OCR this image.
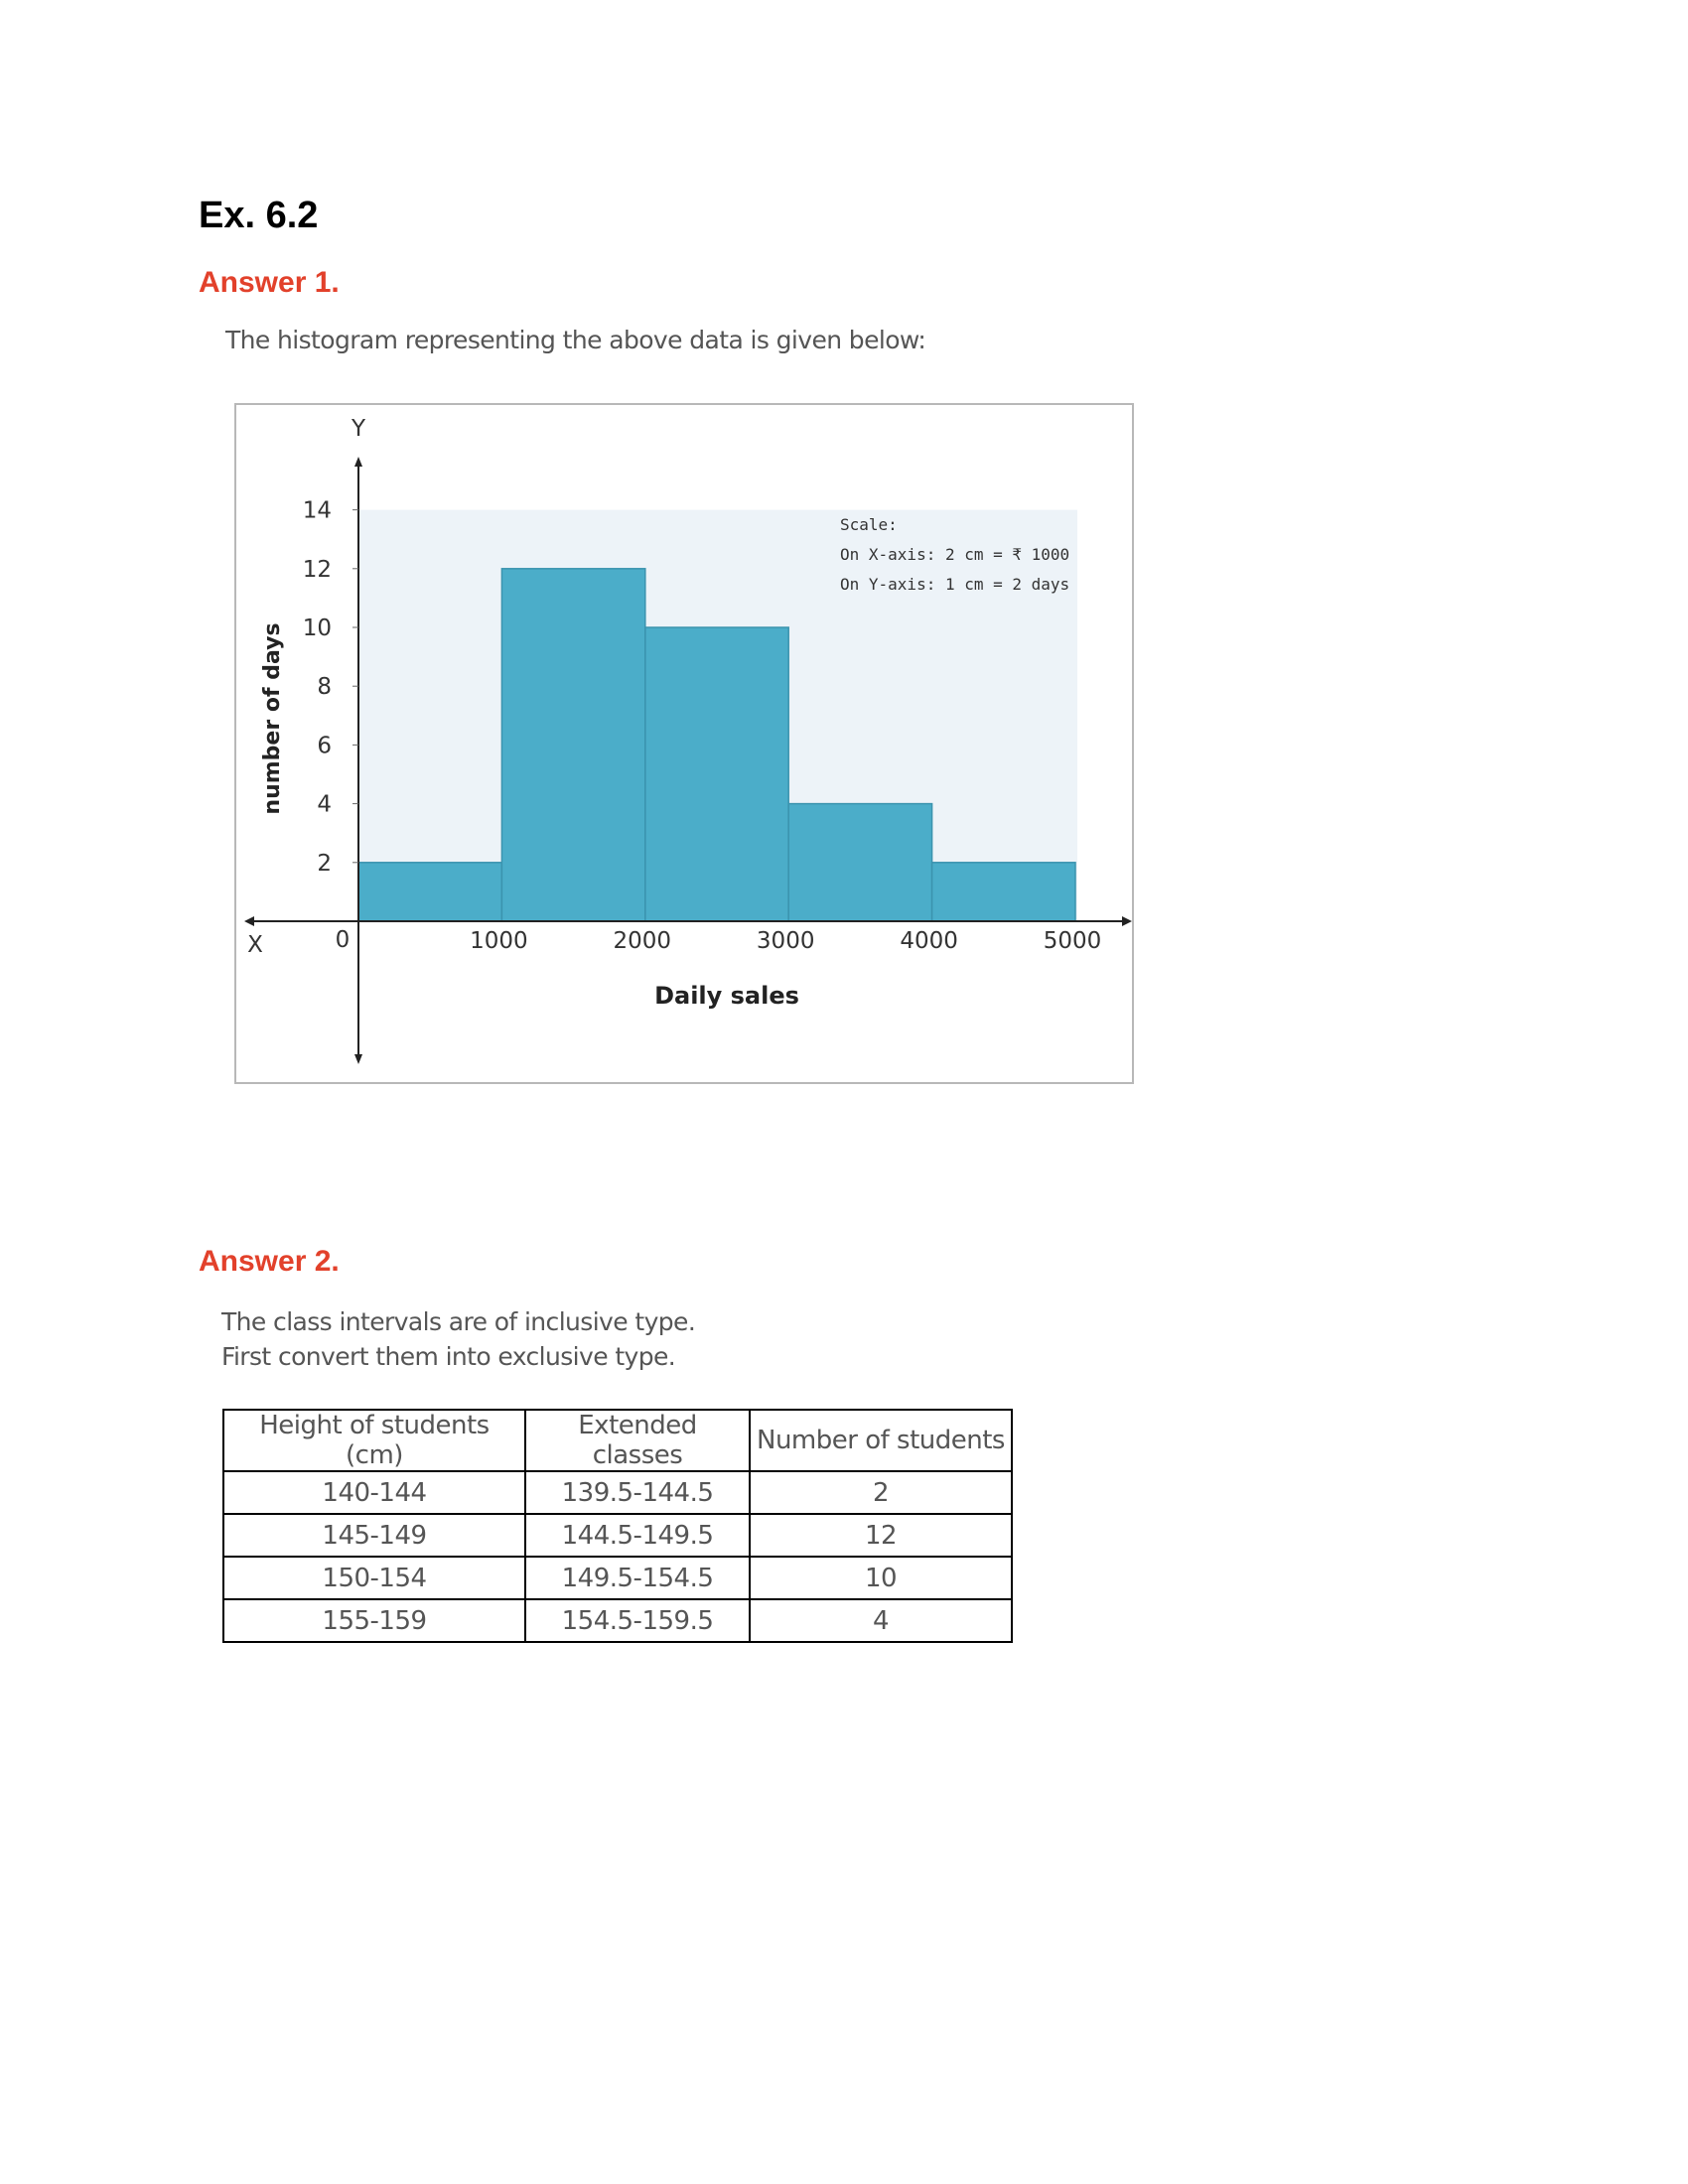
Ex. 6.2
Answer 1.
The histogram representing the above data is given below:
2
4
6
8
10
12
14
1000	2000	3000	4000	5000
Y
X	0
number of days
Daily sales
Scale:
On X-axis: 2 cm = ₹ 1000
On Y-axis: 1 cm = 2 days
Answer 2.
The class intervals are of inclusive type.
First convert them into exclusive type.
Height of students (cm)	Extended classes	Number of students
140-144	139.5-144.5	2
145-149	144.5-149.5	12
150-154	149.5-154.5	10
155-159	154.5-159.5	4
